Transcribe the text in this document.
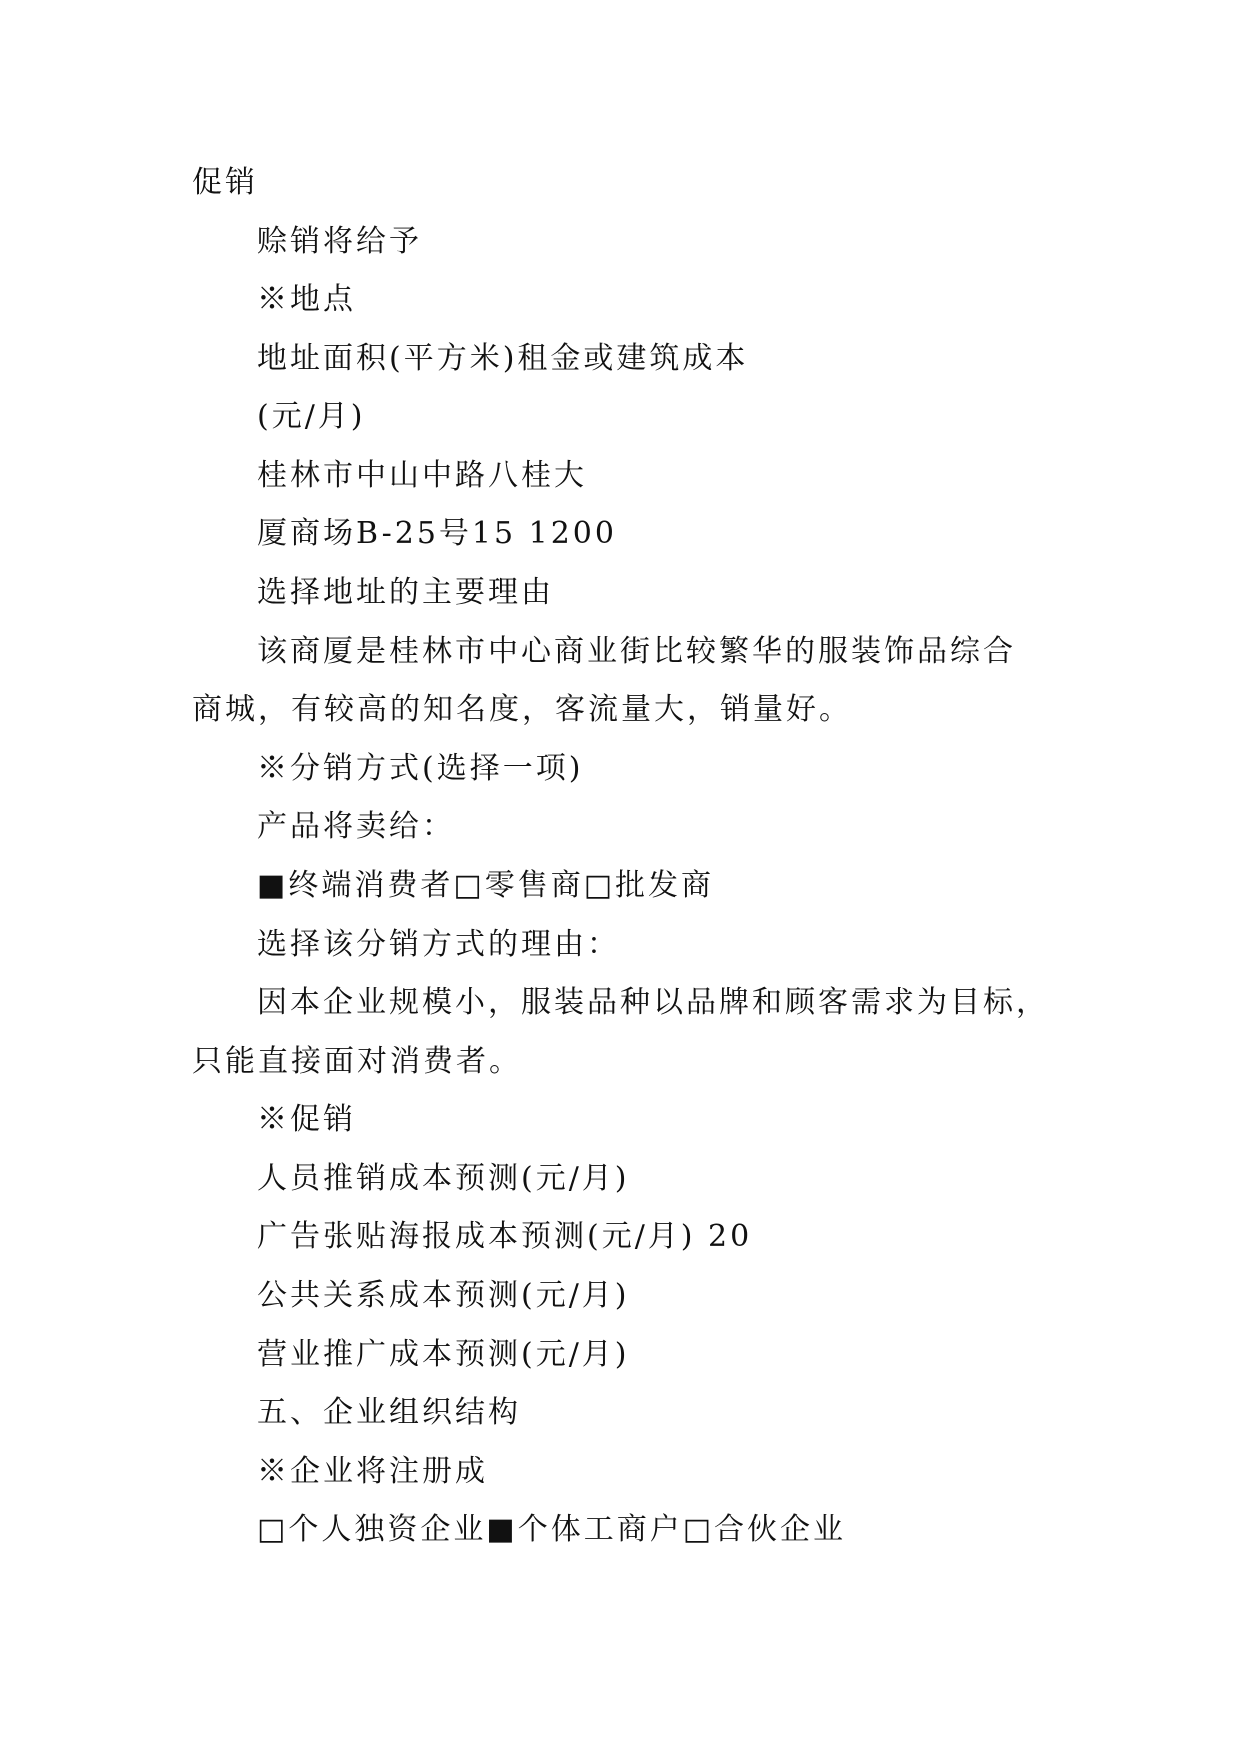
促销
赊销将给予
※地点
地址面积(平方米)租金或建筑成本
(元/月)
桂林市中山中路八桂大
厦商场B-25号15 1200
选择地址的主要理由
该商厦是桂林市中心商业街比较繁华的服装饰品综合
商城，有较高的知名度，客流量大，销量好。
※分销方式(选择一项)
产品将卖给：
■终端消费者□零售商□批发商
选择该分销方式的理由：
因本企业规模小，服装品种以品牌和顾客需求为目标，
只能直接面对消费者。
※促销
人员推销成本预测(元/月)
广告张贴海报成本预测(元/月) 20
公共关系成本预测(元/月)
营业推广成本预测(元/月)
五、企业组织结构
※企业将注册成
□个人独资企业■个体工商户□合伙企业
